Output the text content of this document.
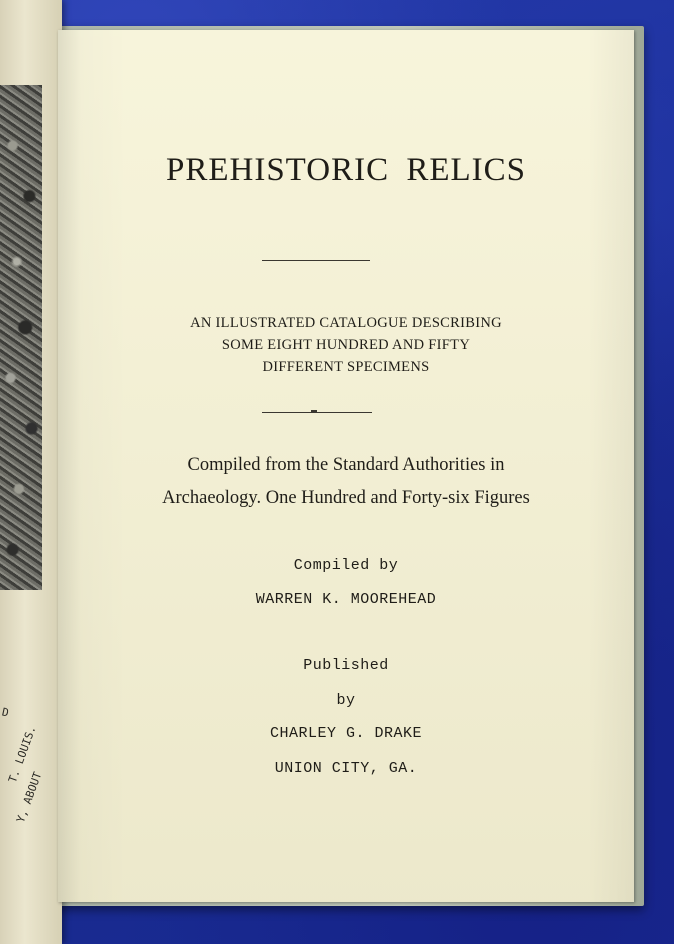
D
T. LOUIS.
Y, ABOUT
PREHISTORIC RELICS
AN ILLUSTRATED CATALOGUE DESCRIBING
SOME EIGHT HUNDRED AND FIFTY
DIFFERENT SPECIMENS
Compiled from the Standard Authorities in
Archaeology. One Hundred and Forty-six Figures
Compiled by
WARREN K. MOOREHEAD
Published
by
CHARLEY G. DRAKE
UNION CITY, GA.
